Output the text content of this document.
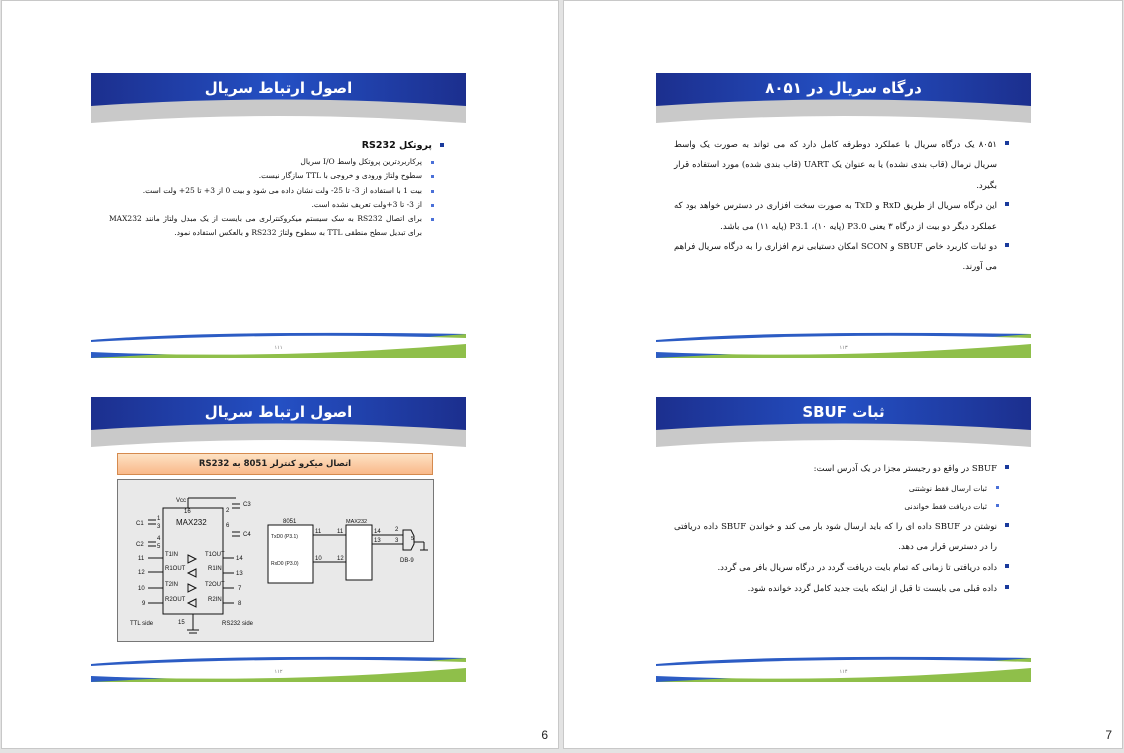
اصول ارتباط سریال
پروتکل RS232
پرکاربردترین پروتکل واسط I/O سریال
سطوح ولتاژ ورودی و خروجی با TTL سازگار نیست.
بیت 1 با استفاده از 3- تا 25- ولت نشان داده می شود و بیت 0 از 3+ تا 25+ ولت است.
از 3- تا 3+ولت تعریف نشده است.
برای اتصال RS232 به سک سیستم میکروکنترلری می بایست از یک مبدل ولتاژ مانند MAX232 برای تبدیل سطح منطقی TTL به سطوح ولتاژ RS232 و بالعکس استفاده نمود.
۱۱۱
اصول ارتباط سریال
اتصال میکرو کنترلر 8051 به RS232
Vcc
16
MAX232
C1
C2
C3
C4
1
3
4
5
11
12
10
9
T1IN
R1OUT
T2IN
R2OUT
T1OUT
R1IN
T2OUT
R2IN
2
6
14
13
7
8
15
TTL side	RS232 side
8051
TxD0 (P3.1)
RxD0 (P3.0)
MAX232
11	11
10	12
14
13
2
3	5
DB-9
۱۱۲
6
درگاه سریال در ۸۰۵۱
۸۰۵۱ یک درگاه سریال با عملکرد دوطرفه کامل دارد که می تواند به صورت یک واسط سریال نرمال (قاب بندی نشده) یا به عنوان یک UART (قاب بندی شده) مورد استفاده قرار بگیرد.
این درگاه سریال از طریق RxD و TxD به صورت سخت افزاری در دسترس خواهد بود که عملکرد دیگر دو بیت از درگاه ۳ یعنی P3.0 (پایه ۱۰)، P3.1 (پایه ۱۱) می باشد.
دو ثبات کاربرد خاص SBUF و SCON امکان دستیابی نرم افزاری را به درگاه سریال فراهم می آورند.
۱۱۳
ثبات SBUF
SBUF در واقع دو رجیستر مجزا در یک آدرس است:
ثبات ارسال فقط نوشتنی
ثبات دریافت فقط خواندنی
نوشتن در SBUF داده ای را که باید ارسال شود بار می کند و خواندن SBUF داده دریافتی را در دسترس قرار می دهد.
داده دریافتی تا زمانی که تمام بایت دریافت گردد در درگاه سریال بافر می گردد.
داده قبلی می بایست تا قبل از اینکه بایت جدید کامل گردد خوانده شود.
۱۱۴
7
